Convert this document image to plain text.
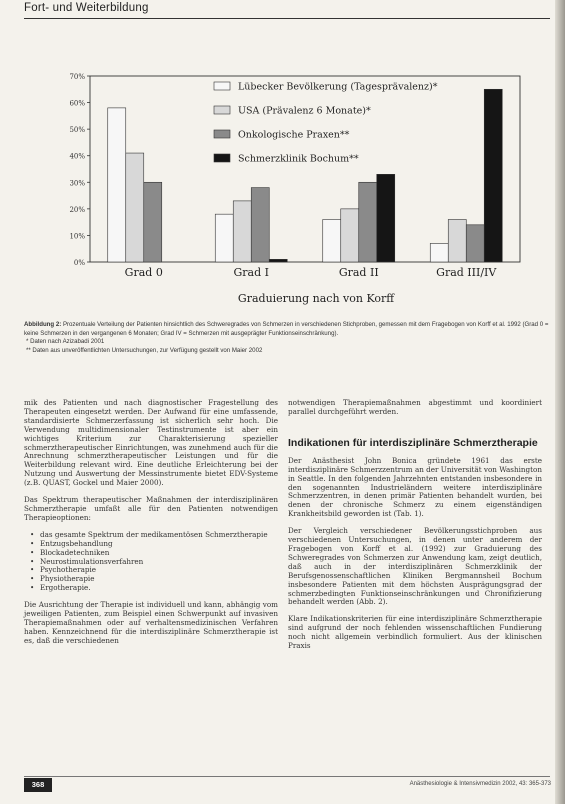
Fort- und Weiterbildung
0%
10%
20%
30%
40%
50%
60%
70%
Grad 0	Grad I	Grad II	Grad III/IV
Graduierung nach von Korff
Lübecker Bevölkerung (Tagesprävalenz)*
USA (Prävalenz 6 Monate)*
Onkologische Praxen**
Schmerzklinik Bochum**
Abbildung 2: Prozentuale Verteilung der Patienten hinsichtlich des Schweregrades von Schmerzen in verschiedenen Stichproben, gemessen mit dem Fragebogen von Korff et al. 1992 (Grad 0 = keine Schmerzen in den vergangenen 6 Monaten; Grad IV = Schmerzen mit ausgeprägter Funktionseinschränkung).
* Daten nach Azizabadi 2001
** Daten aus unveröffentlichten Untersuchungen, zur Verfügung gestellt von Maier 2002

mik des Patienten und nach diagnostischer Fragestellung des Therapeuten eingesetzt werden. Der Aufwand für eine umfassende, standardisierte Schmerzerfassung ist sicherlich sehr hoch. Die Verwendung multidimensionaler Testinstrumente ist aber ein wichtiges Kriterium zur Charakterisierung spezieller schmerztherapeutischer Einrichtungen, was zunehmend auch für die Anrechnung schmerztherapeutischer Leistungen und für die Weiterbildung relevant wird. Eine deutliche Erleichterung bei der Nutzung und Auswertung der Messinstrumente bietet EDV-Systeme (z.B. QUAST, Gockel und Maier 2000).

Das Spektrum therapeutischer Maßnahmen der interdisziplinären Schmerztherapie umfaßt alle für den Patienten notwendigen Therapieoptionen:

• das gesamte Spektrum der medikamentösen Schmerztherapie
• Entzugsbehandlung
• Blockadetechniken
• Neurostimulationsverfahren
• Psychotherapie
• Physiotherapie
• Ergotherapie.

Die Ausrichtung der Therapie ist individuell und kann, abhängig vom jeweiligen Patienten, zum Beispiel einen Schwerpunkt auf invasiven Therapiemaßnahmen oder auf verhaltensmedizinischen Verfahren haben. Kennzeichnend für die interdisziplinäre Schmerztherapie ist es, daß die verschiedenen

notwendigen Therapiemaßnahmen abgestimmt und koordiniert parallel durchgeführt werden.

Indikationen für interdisziplinäre Schmerztherapie

Der Anästhesist John Bonica gründete 1961 das erste interdisziplinäre Schmerzzentrum an der Universität von Washington in Seattle. In den folgenden Jahrzehnten entstanden insbesondere in den sogenannten Industrieländern weitere interdisziplinäre Schmerzzentren, in denen primär Patienten behandelt wurden, bei denen der chronische Schmerz zu einem eigenständigen Krankheitsbild geworden ist (Tab. 1).

Der Vergleich verschiedener Bevölkerungsstichproben aus verschiedenen Untersuchungen, in denen unter anderem der Fragebogen von Korff et al. (1992) zur Graduierung des Schweregrades von Schmerzen zur Anwendung kam, zeigt deutlich, daß auch in der interdisziplinären Schmerzklinik der Berufsgenossenschaftlichen Kliniken Bergmannsheil Bochum insbesondere Patienten mit dem höchsten Ausprägungsgrad der schmerzbedingten Funktionseinschränkungen und Chronifizierung behandelt werden (Abb. 2).

Klare Indikationskriterien für eine interdisziplinäre Schmerztherapie sind aufgrund der noch fehlenden wissenschaftlichen Fundierung noch nicht allgemein verbindlich formuliert. Aus der klinischen Praxis

368	Anästhesiologie & Intensivmedizin 2002, 43: 365-373
